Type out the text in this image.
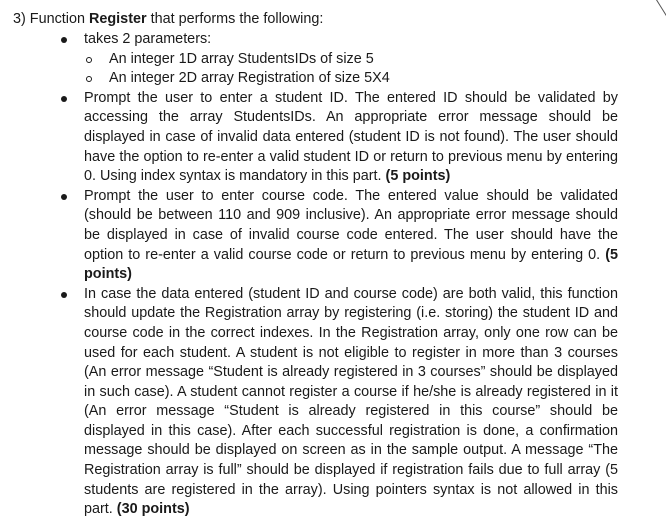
3) Function Register that performs the following:
takes 2 parameters:
An integer 1D array StudentsIDs of size 5
An integer 2D array Registration of size 5X4
Prompt the user to enter a student ID. The entered ID should be validated by accessing the array StudentsIDs. An appropriate error message should be displayed in case of invalid data entered (student ID is not found). The user should have the option to re-enter a valid student ID or return to previous menu by entering 0. Using index syntax is mandatory in this part. (5 points)
Prompt the user to enter course code. The entered value should be validated (should be between 110 and 909 inclusive). An appropriate error message should be displayed in case of invalid course code entered. The user should have the option to re-enter a valid course code or return to previous menu by entering 0. (5 points)
In case the data entered (student ID and course code) are both valid, this function should update the Registration array by registering (i.e. storing) the student ID and course code in the correct indexes. In the Registration array, only one row can be used for each student. A student is not eligible to register in more than 3 courses (An error message “Student is already registered in 3 courses” should be displayed in such case). A student cannot register a course if he/she is already registered in it (An error message “Student is already registered in this course” should be displayed in this case). After each successful registration is done, a confirmation message should be displayed on screen as in the sample output. A message “The Registration array is full” should be displayed if registration fails due to full array (5 students are registered in the array). Using pointers syntax is not allowed in this part. (30 points)
